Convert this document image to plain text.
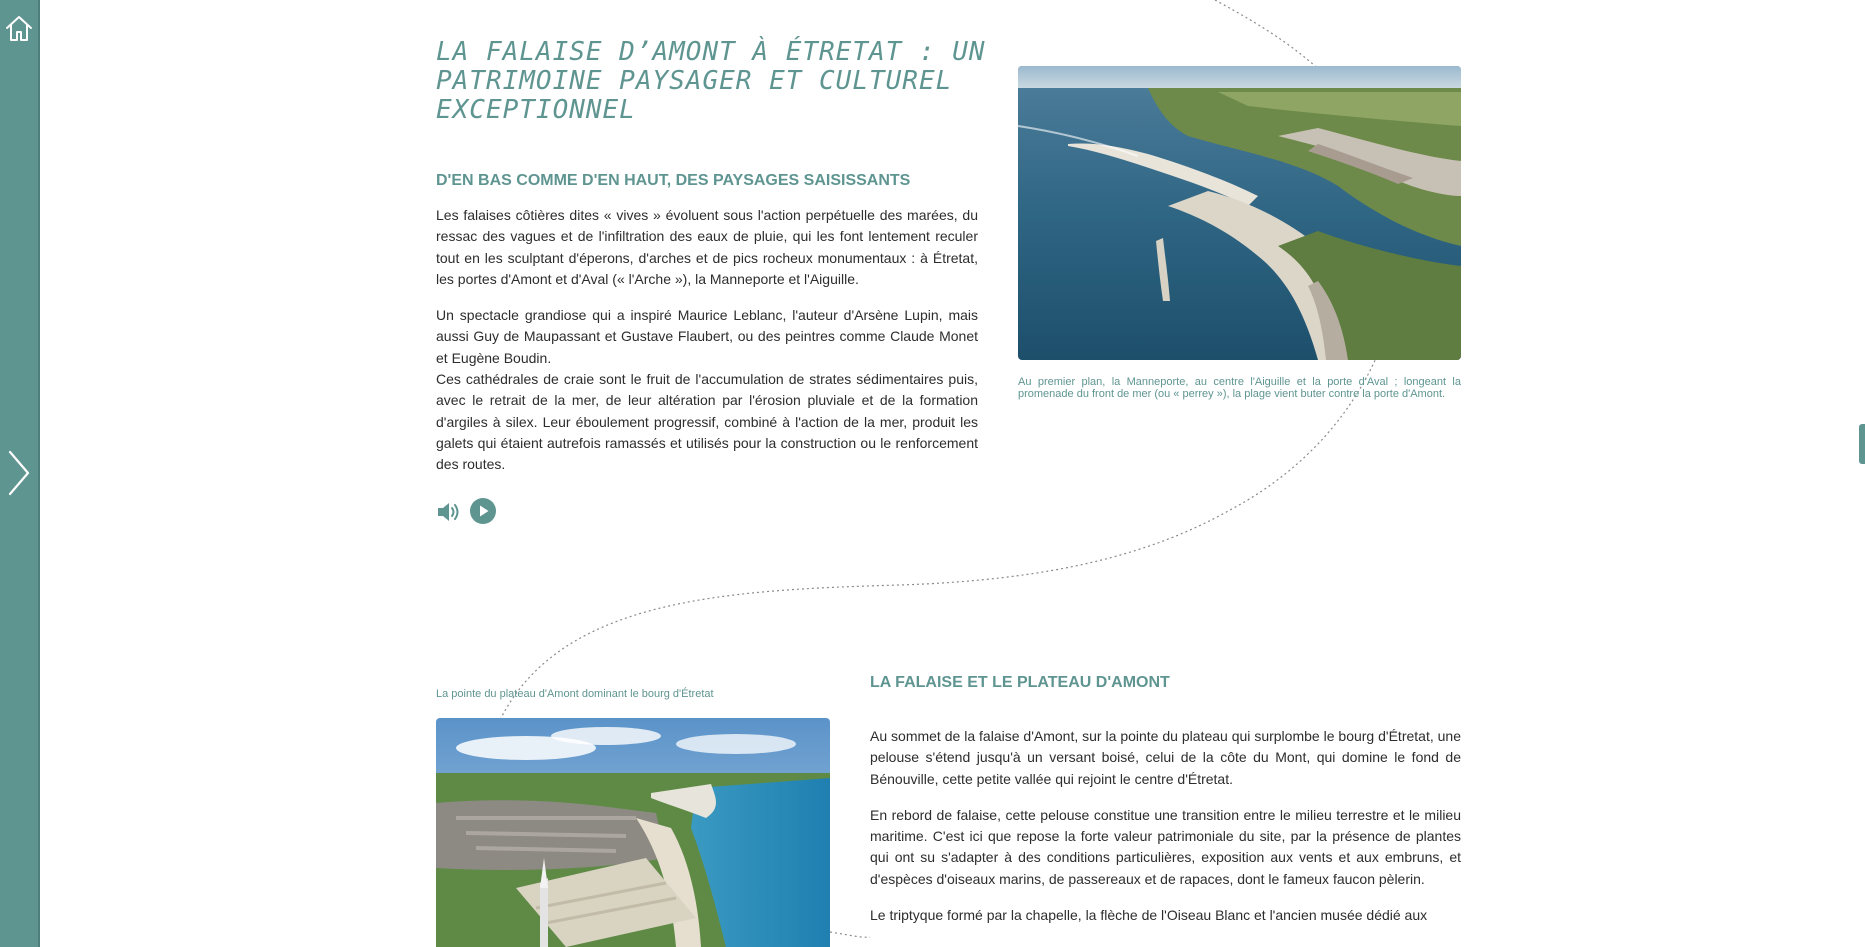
LA FALAISE D’AMONT À ÉTRETAT : UN PATRIMOINE PAYSAGER ET CULTUREL EXCEPTIONNEL
D'EN BAS COMME D'EN HAUT, DES PAYSAGES SAISISSANTS

Les falaises côtières dites « vives » évoluent sous l'action perpétuelle des marées, du ressac des vagues et de l'infiltration des eaux de pluie, qui les font lentement reculer tout en les sculptant d'éperons, d'arches et de pics rocheux monumentaux : à Étretat, les portes d'Amont et d'Aval (« l'Arche »), la Manneporte et l'Aiguille.

Un spectacle grandiose qui a inspiré Maurice Leblanc, l'auteur d'Arsène Lupin, mais aussi Guy de Maupassant et Gustave Flaubert, ou des peintres comme Claude Monet et Eugène Boudin.

Ces cathédrales de craie sont le fruit de l'accumulation de strates sédimentaires puis, avec le retrait de la mer, de leur altération par l'érosion pluviale et de la formation d'argiles à silex. Leur éboulement progressif, combiné à l'action de la mer, produit les galets qui étaient autrefois ramassés et utilisés pour la construction ou le renforcement des routes.

Au premier plan, la Manneporte, au centre l'Aiguille et la porte d'Aval ; longeant la promenade du front de mer (ou « perrey »), la plage vient buter contre la porte d'Amont.
LA FALAISE ET LE PLATEAU D'AMONT
La pointe du plateau d'Amont dominant le bourg d'Étretat

Au sommet de la falaise d'Amont, sur la pointe du plateau qui surplombe le bourg d'Étretat, une pelouse s'étend jusqu'à un versant boisé, celui de la côte du Mont, qui domine le fond de Bénouville, cette petite vallée qui rejoint le centre d'Étretat.

En rebord de falaise, cette pelouse constitue une transition entre le milieu terrestre et le milieu maritime. C'est ici que repose la forte valeur patrimoniale du site, par la présence de plantes qui ont su s'adapter à des conditions particulières, exposition aux vents et aux embruns, et d'espèces d'oiseaux marins, de passereaux et de rapaces, dont le fameux faucon pèlerin.

Le triptyque formé par la chapelle, la flèche de l'Oiseau Blanc et l'ancien musée dédié aux
